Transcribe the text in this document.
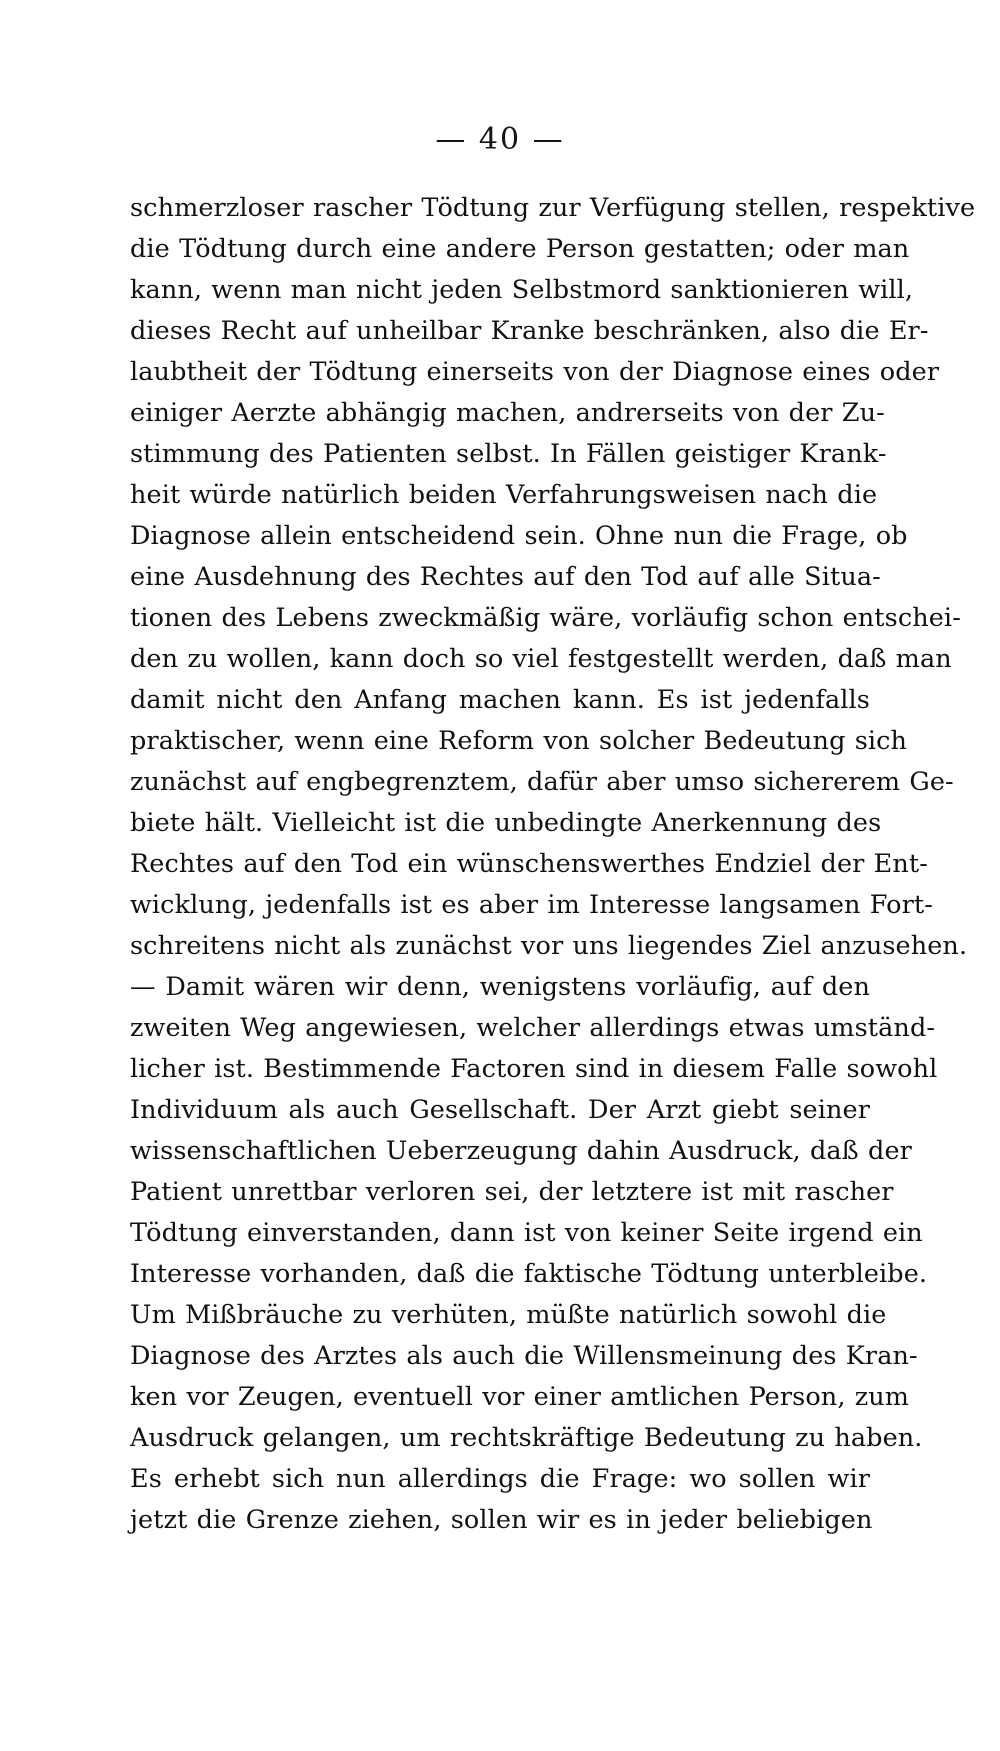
— 40 —
schmerzloser rascher Tödtung zur Verfügung stellen, respektive
die Tödtung durch eine andere Person gestatten; oder man
kann, wenn man nicht jeden Selbstmord sanktionieren will,
dieses Recht auf unheilbar Kranke beschränken, also die Er-
laubtheit der Tödtung einerseits von der Diagnose eines oder
einiger Aerzte abhängig machen, andrerseits von der Zu-
stimmung des Patienten selbst. In Fällen geistiger Krank-
heit würde natürlich beiden Verfahrungsweisen nach die
Diagnose allein entscheidend sein. Ohne nun die Frage, ob
eine Ausdehnung des Rechtes auf den Tod auf alle Situa-
tionen des Lebens zweckmäßig wäre, vorläufig schon entschei-
den zu wollen, kann doch so viel festgestellt werden, daß man
damit nicht den Anfang machen kann. Es ist jedenfalls
praktischer, wenn eine Reform von solcher Bedeutung sich
zunächst auf engbegrenztem, dafür aber umso sichererem Ge-
biete hält. Vielleicht ist die unbedingte Anerkennung des
Rechtes auf den Tod ein wünschenswerthes Endziel der Ent-
wicklung, jedenfalls ist es aber im Interesse langsamen Fort-
schreitens nicht als zunächst vor uns liegendes Ziel anzusehen.
— Damit wären wir denn, wenigstens vorläufig, auf den
zweiten Weg angewiesen, welcher allerdings etwas umständ-
licher ist. Bestimmende Factoren sind in diesem Falle sowohl
Individuum als auch Gesellschaft. Der Arzt giebt seiner
wissenschaftlichen Ueberzeugung dahin Ausdruck, daß der
Patient unrettbar verloren sei, der letztere ist mit rascher
Tödtung einverstanden, dann ist von keiner Seite irgend ein
Interesse vorhanden, daß die faktische Tödtung unterbleibe.
Um Mißbräuche zu verhüten, müßte natürlich sowohl die
Diagnose des Arztes als auch die Willensmeinung des Kran-
ken vor Zeugen, eventuell vor einer amtlichen Person, zum
Ausdruck gelangen, um rechtskräftige Bedeutung zu haben.
Es erhebt sich nun allerdings die Frage: wo sollen wir
jetzt die Grenze ziehen, sollen wir es in jeder beliebigen
